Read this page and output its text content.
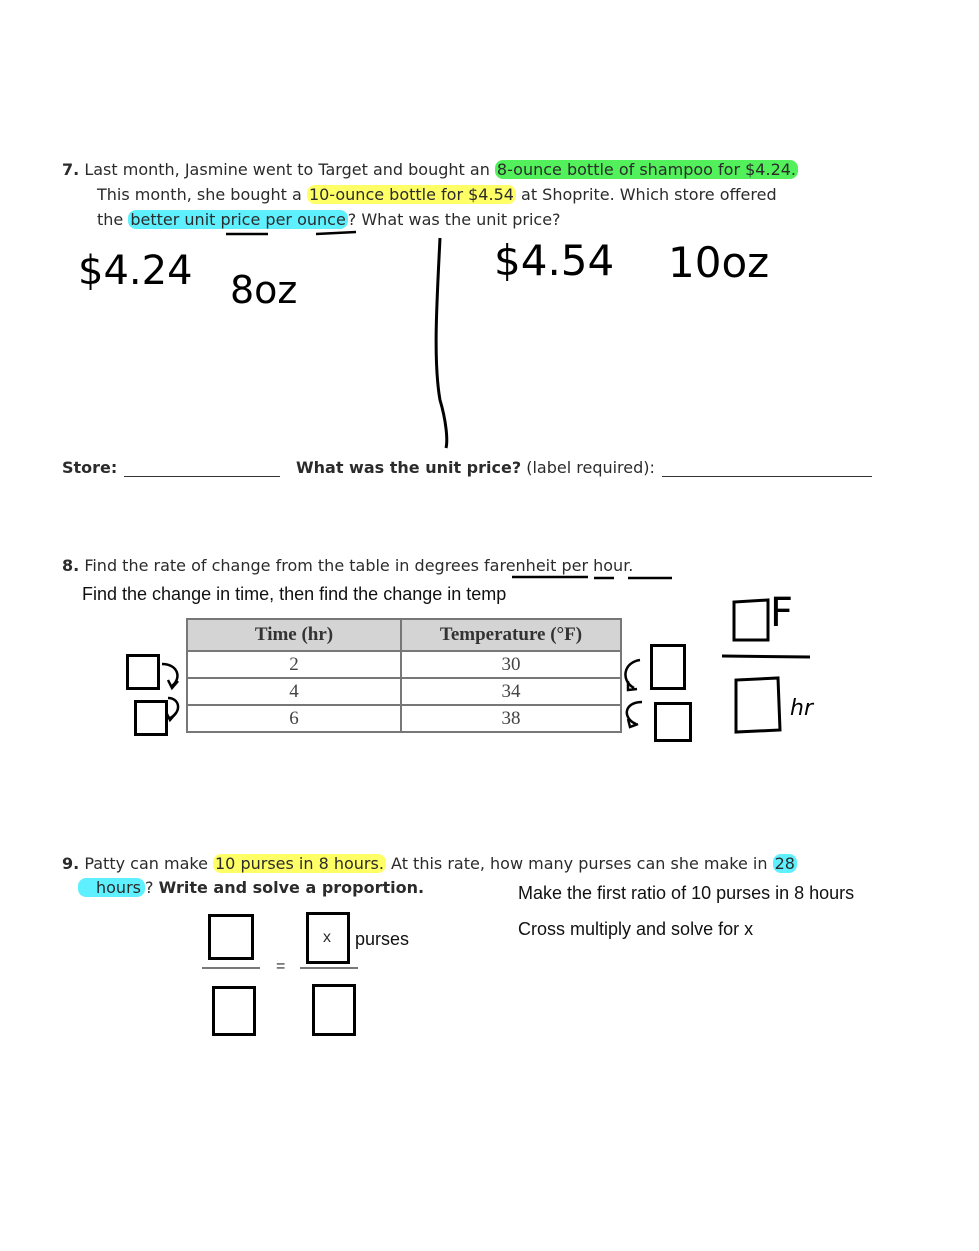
7. Last month, Jasmine went to Target and bought an 8-ounce bottle of shampoo for $4.24.
This month, she bought a 10-ounce bottle for $4.54 at Shoprite. Which store offered
the better unit price per ounce ? What was the unit price?
$4.24 8oz
$4.54 10oz
Store:	What was the unit price? (label required):
8. Find the rate of change from the table in degrees farenheit per hour.
Find the change in time, then find the change in temp
Time (hr)	Temperature (°F)
2	30
4	34
6	38
F
hr
9. Patty can make 10 purses in 8 hours. At this rate, how many purses can she make in 28
hours ? Write and solve a proportion.	Make the first ratio of 10 purses in 8 hours
Cross multiply and solve for x
=
x purses
